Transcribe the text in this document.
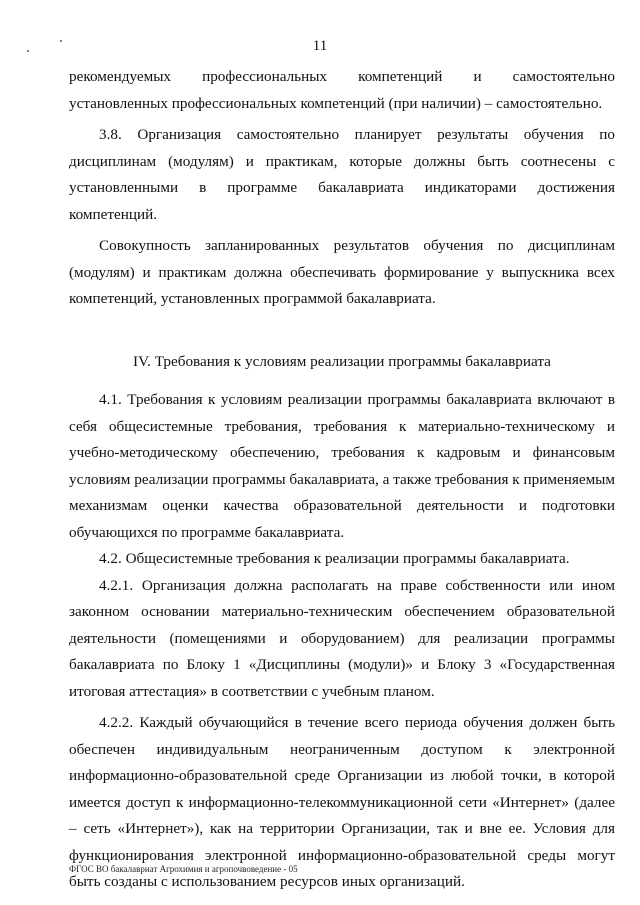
11
рекомендуемых профессиональных компетенций и самостоятельно

установленных профессиональных компетенций (при наличии) – самостоятельно.

3.8. Организация самостоятельно планирует результаты обучения по дисциплинам (модулям) и практикам, которые должны быть соотнесены с установленными в программе бакалавриата индикаторами достижения компетенций.

Совокупность запланированных результатов обучения по дисциплинам (модулям) и практикам должна обеспечивать формирование у выпускника всех компетенций, установленных программой бакалавриата.

IV. Требования к условиям реализации программы бакалавриата

4.1. Требования к условиям реализации программы бакалавриата включают в себя общесистемные требования, требования к материально-техническому и учебно-методическому обеспечению, требования к кадровым и финансовым условиям реализации программы бакалавриата, а также требования к применяемым механизмам оценки качества образовательной деятельности и подготовки обучающихся по программе бакалавриата.

4.2. Общесистемные требования к реализации программы бакалавриата.

4.2.1. Организация должна располагать на праве собственности или ином законном основании материально-техническим обеспечением образовательной деятельности (помещениями и оборудованием) для реализации программы бакалавриата по Блоку 1 «Дисциплины (модули)» и Блоку 3 «Государственная итоговая аттестация» в соответствии с учебным планом.

4.2.2. Каждый обучающийся в течение всего периода обучения должен быть обеспечен индивидуальным неограниченным доступом к электронной информационно-образовательной среде Организации из любой точки, в которой имеется доступ к информационно-телекоммуникационной сети «Интернет» (далее – сеть «Интернет»), как на территории Организации, так и вне ее. Условия для функционирования электронной информационно-образовательной среды могут быть созданы с использованием ресурсов иных организаций.

ФГОС ВО бакалавриат Агрохимия и агропочвоведение - 05
